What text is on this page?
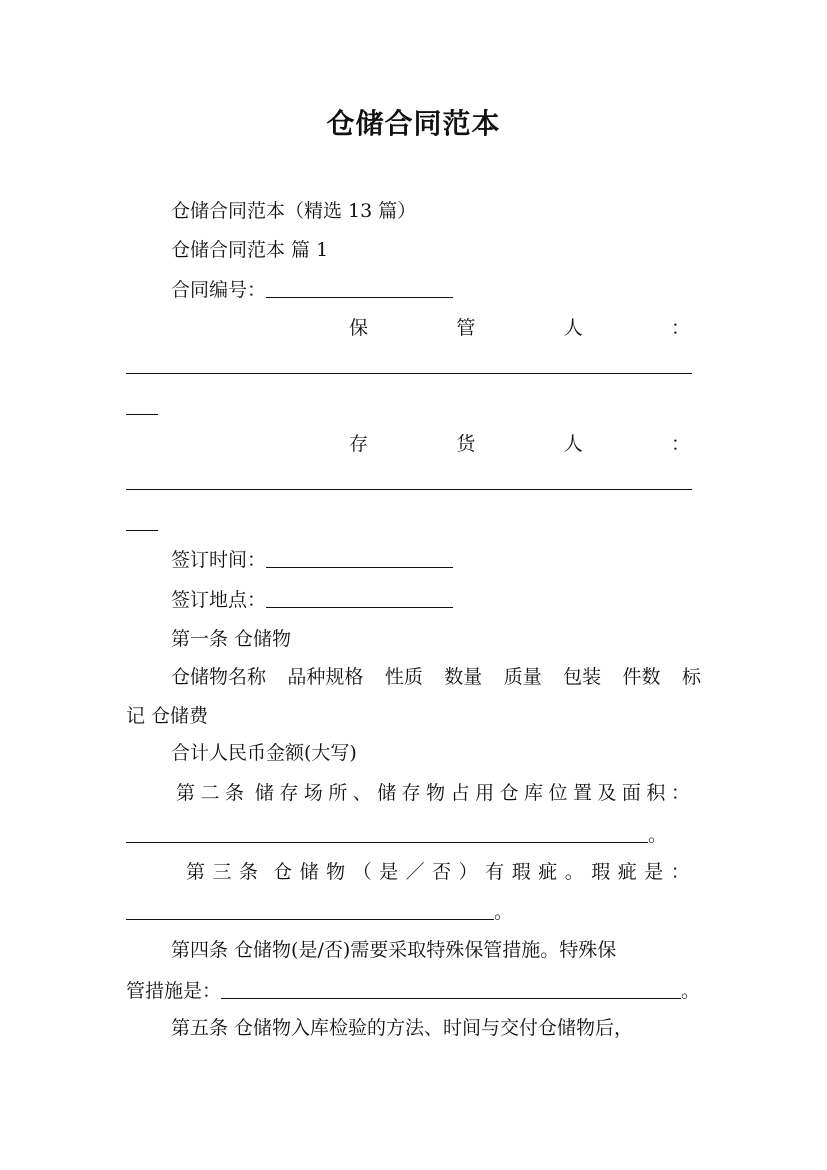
仓储合同范本
仓储合同范本（精选 13 篇）
仓储合同范本 篇 1
合同编号：
保	管	人	：
存	货	人	：
签订时间：
签订地点：
第一条 仓储物
仓储物名称 品种规格 性质 数量 质量 包装 件数 标
记 仓储费
合计人民币金额(大写)
第 二 条 储 存 场 所 、 储 存 物 占 用 仓 库 位 置 及 面 积 ：
。
第 三 条 仓 储 物 （ 是 ／ 否 ） 有 瑕 疵 。 瑕 疵 是 ：
。
第四条 仓储物(是/否)需要采取特殊保管措施。特殊保
管措施是：	。
第五条 仓储物入库检验的方法、时间与交付仓储物后，
